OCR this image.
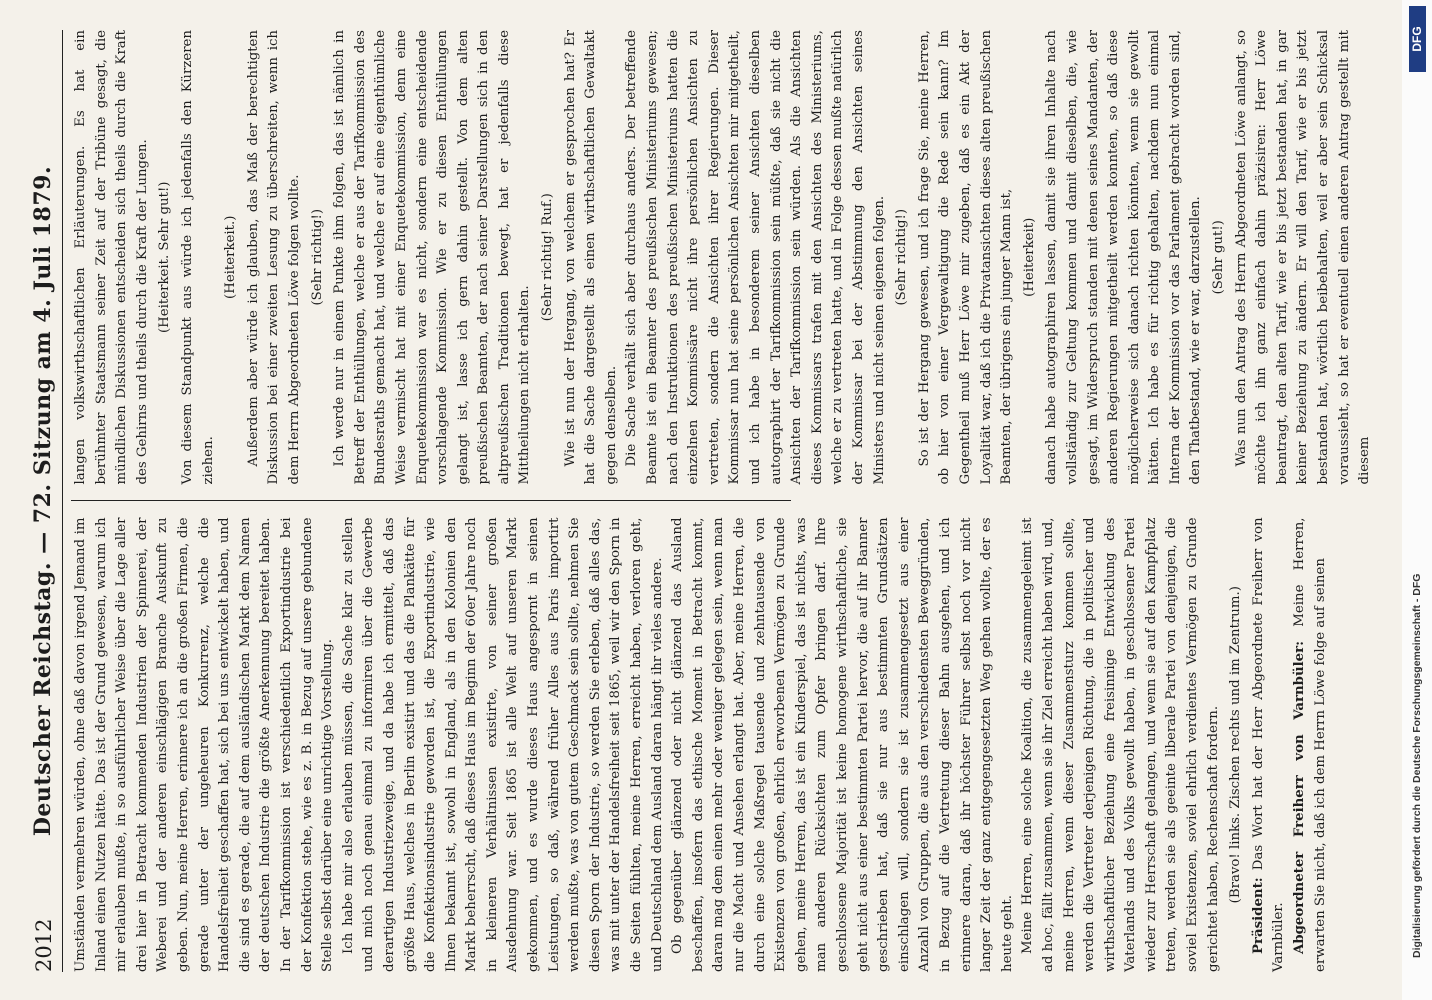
2012
Deutscher Reichstag. — 72. Sitzung am 4. Juli 1879. Umständen vermehren würden, ohne daß davon irgend Jemand im Inland einen Nutzen hätte. Das ist der Grund gewesen, warum ich mir erlauben mußte, in so ausführlicher Weise über die Lage aller drei hier in Betracht kommenden Industrien der Spinnerei, der Weberei und der anderen einschlägigen Branche Auskunft zu geben. Nun, meine Herren, erinnere ich an die großen Firmen, die gerade unter der ungeheuren Konkurrenz, welche die Handelsfreiheit geschaffen hat, sich bei uns entwickelt haben, und die sind es gerade, die auf dem ausländischen Markt dem Namen der deutschen Industrie die größte Anerkennung bereitet haben. In der Tarifkommission ist verschiedentlich Exportindustrie bei der Konfektion stehe, wie es z. B. in Bezug auf unsere gebundene Stelle selbst darüber eine unrichtige Vorstellung. Ich habe mir also erlauben müssen, die Sache klar zu stellen und mich noch genau einmal zu informiren über die Gewerbe derartigen Industriezweige, und da habe ich ermittelt, daß das größte Haus, welches in Berlin existirt und das die Plankätte für die Konfektionsindustrie geworden ist, die Exportindustrie, wie Ihnen bekannt ist, sowohl in England, als in den Kolonien den Markt beherrscht, daß dieses Haus im Beginn der 60er Jahre noch in kleineren Verhältnissen existirte, von seiner großen Ausdehnung war. Seit 1865 ist alle Welt auf unseren Markt gekommen, und es wurde dieses Haus angespornt in seinen Leistungen, so daß, während früher Alles aus Paris importirt werden mußte, was von gutem Geschmack sein sollte, nehmen Sie diesen Sporn der Industrie, so werden Sie erleben, daß alles das, was mit unter der Handelsfreiheit seit 1865, weil wir den Sporn in die Seiten fühlten, meine Herren, erreicht haben, verloren geht, und Deutschland dem Ausland daran hängt ihr vieles andere. Ob gegenüber glänzend oder nicht glänzend das Ausland beschaffen, insofern das ethische Moment in Betracht kommt, daran mag dem einen mehr oder weniger gelegen sein, wenn man nur die Macht und Ansehen erlangt hat. Aber, meine Herren, die durch eine solche Maßregel tausende und zehntausende von Existenzen von großen, ehrlich erworbenen Vermögen zu Grunde gehen, meine Herren, das ist ein Kinderspiel, das ist nichts, was man anderen Rücksichten zum Opfer bringen darf. Ihre geschlossene Majorität ist keine homogene wirthschaftliche, sie geht nicht aus einer bestimmten Partei hervor, die auf ihr Banner geschrieben hat, daß sie nur aus bestimmten Grundsätzen einschlagen will, sondern sie ist zusammengesetzt aus einer Anzahl von Gruppen, die aus den verschiedensten Beweggründen, in Bezug auf die Vertretung dieser Bahn ausgehen, und ich erinnere daran, daß ihr höchster Führer selbst noch vor nicht langer Zeit der ganz entgegengesetzten Weg gehen wollte, der es heute geht. Meine Herren, eine solche Koalition, die zusammengeleimt ist ad hoc, fällt zusammen, wenn sie ihr Ziel erreicht haben wird, und, meine Herren, wenn dieser Zusammensturz kommen sollte, werden die Vertreter derjenigen Richtung, die in politischer und wirthschaftlicher Beziehung eine freisinnige Entwicklung des Vaterlands und des Volks gewollt haben, in geschlossener Partei wieder zur Herrschaft gelangen, und wenn sie auf den Kampfplatz treten, werden sie als geeinte liberale Partei von denjenigen, die soviel Existenzen, soviel ehrlich verdientes Vermögen zu Grunde gerichtet haben, Rechenschaft fordern. (Bravo! links. Zischen rechts und im Zentrum.)

Präsident: Das Wort hat der Herr Abgeordnete Freiherr von Varnbüler. Abgeordneter Freiherr von Varnbüler: Meine Herren, erwarten Sie nicht, daß ich dem Herrn Löwe folge auf seinen

langen volkswirthschaftlichen Erläuterungen. Es hat ein berühmter Staatsmann seiner Zeit auf der Tribüne gesagt, die mündlichen Diskussionen entscheiden sich theils durch die Kraft des Gehirns und theils durch die Kraft der Lungen. (Heiterkeit. Sehr gut!) Von diesem Standpunkt aus würde ich jedenfalls den Kürzeren ziehen.

(Heiterkeit.) Außerdem aber würde ich glauben, das Maß der berechtigten Diskussion bei einer zweiten Lesung zu überschreiten, wenn ich dem Herrn Abgeordneten Löwe folgen wollte. (Sehr richtig!) Ich werde nur in einem Punkte ihm folgen, das ist nämlich in Betreff der Enthüllungen, welche er aus der Tarifkommission des Bundesraths gemacht hat, und welche er auf eine eigenthümliche Weise vermischt hat mit einer Enquetekommission, denn eine Enquetekommission war es nicht, sondern eine entscheidende vorschlagende Kommission. Wie er zu diesen Enthüllungen gelangt ist, lasse ich gern dahin gestellt. Von dem alten preußischen Beamten, der nach seiner Darstellungen sich in den altpreußischen Traditionen bewegt, hat er jedenfalls diese Mittheilungen nicht erhalten.

(Sehr richtig! Ruf.) Wie ist nun der Hergang, von welchem er gesprochen hat? Er hat die Sache dargestellt als einen wirthschaftlichen Gewaltakt gegen denselben. Die Sache verhält sich aber durchaus anders. Der betreffende Beamte ist ein Beamter des preußischen Ministeriums gewesen; nach den Instruktionen des preußischen Ministeriums hatten die einzelnen Kommissäre nicht ihre persönlichen Ansichten zu vertreten, sondern die Ansichten ihrer Regierungen. Dieser Kommissar nun hat seine persönlichen Ansichten mir mitgetheilt, und ich habe in besonderem seiner Ansichten dieselben autographirt der Tarifkommission sein müßte, daß sie nicht die Ansichten der Tarifkommission sein würden. Als die Ansichten dieses Kommissars trafen mit den Ansichten des Ministeriums, welche er zu vertreten hatte, und in Folge dessen mußte natürlich der Kommissar bei der Abstimmung den Ansichten seines Ministers und nicht seinen eigenen folgen. (Sehr richtig!) So ist der Hergang gewesen, und ich frage Sie, meine Herren, ob hier von einer Vergewaltigung die Rede sein kann? Im Gegentheil muß Herr Löwe mir zugeben, daß es ein Akt der Loyalität war, daß ich die Privatansichten dieses alten preußischen Beamten, der übrigens ein junger Mann ist, (Heiterkeit) danach habe autographiren lassen, damit sie ihren Inhalte nach vollständig zur Geltung kommen und damit dieselben, die, wie gesagt, im Widerspruch standen mit denen seines Mandanten, der anderen Regierungen mitgetheilt werden konnten, so daß diese möglicherweise sich danach richten könnten, wenn sie gewollt hätten. Ich habe es für richtig gehalten, nachdem nun einmal Interna der Kommission vor das Parlament gebracht worden sind, den Thatbestand, wie er war, darzustellen. (Sehr gut!) Was nun den Antrag des Herrn Abgeordneten Löwe anlangt, so möchte ich ihn ganz einfach dahin präzisiren: Herr Löwe beantragt, den alten Tarif, wie er bis jetzt bestanden hat, in gar keiner Beziehung zu ändern. Er will den Tarif, wie er bis jetzt bestanden hat, wörtlich beibehalten, weil er aber sein Schicksal voraussieht, so hat er eventuell einen anderen Antrag gestellt mit diesem

DFG
Digitalisierung gefördert durch die Deutsche Forschungsgemeinschaft - DFG
